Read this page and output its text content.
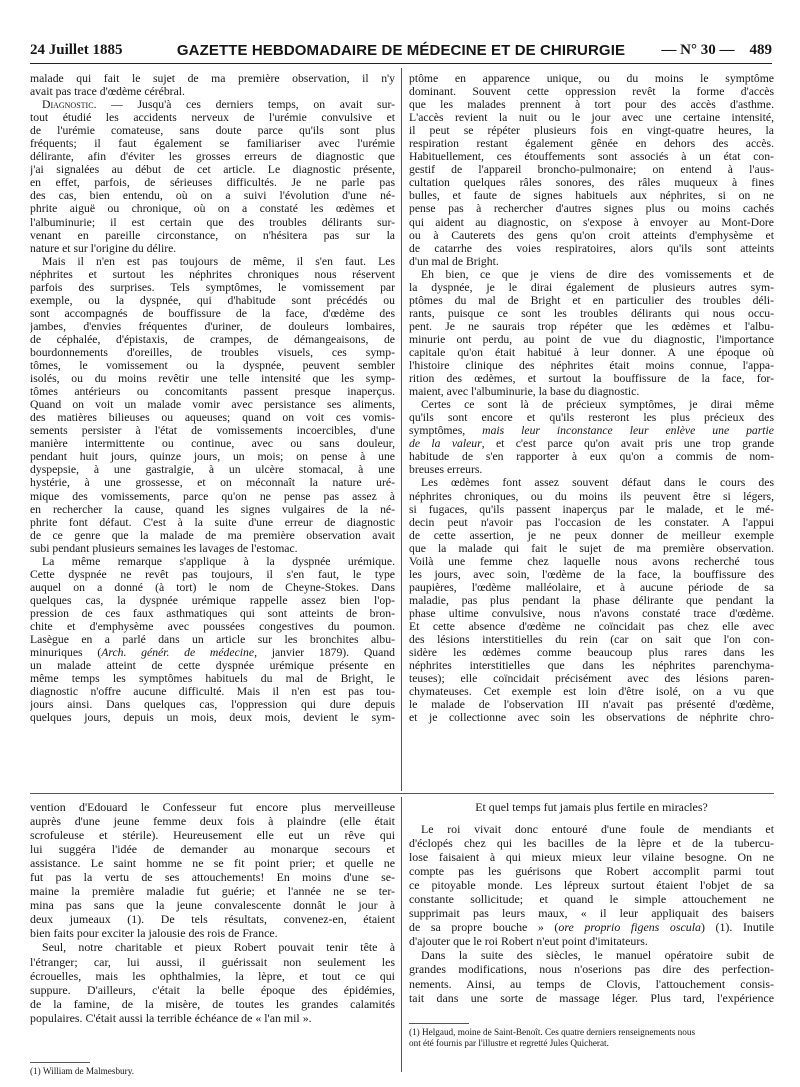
24 Juillet 1885	GAZETTE HEBDOMADAIRE DE MÉDECINE ET DE CHIRURGIE	— N° 30 — 489
malade qui fait le sujet de ma première observation, il n'y
avait pas trace d'œdème cérébral.
Diagnostic. — Jusqu'à ces derniers temps, on avait sur-
tout étudié les accidents nerveux de l'urémie convulsive et
de l'urémie comateuse, sans doute parce qu'ils sont plus
fréquents; il faut également se familiariser avec l'urémie
délirante, afin d'éviter les grosses erreurs de diagnostic que
j'ai signalées au début de cet article. Le diagnostic présente,
en effet, parfois, de sérieuses difficultés. Je ne parle pas
des cas, bien entendu, où on a suivi l'évolution d'une né-
phrite aiguë ou chronique, où on a constaté les œdèmes et
l'albuminurie; il est certain que des troubles délirants sur-
venant en pareille circonstance, on n'hésitera pas sur la
nature et sur l'origine du délire.
Mais il n'en est pas toujours de même, il s'en faut. Les
néphrites et surtout les néphrites chroniques nous réservent
parfois des surprises. Tels symptômes, le vomissement par
exemple, ou la dyspnée, qui d'habitude sont précédés ou
sont accompagnés de bouffissure de la face, d'œdème des
jambes, d'envies fréquentes d'uriner, de douleurs lombaires,
de céphalée, d'épistaxis, de crampes, de démangeaisons, de
bourdonnements d'oreilles, de troubles visuels, ces symp-
tômes, le vomissement ou la dyspnée, peuvent sembler
isolés, ou du moins revêtir une telle intensité que les symp-
tômes antérieurs ou concomitants passent presque inaperçus.
Quand on voit un malade vomir avec persistance ses aliments,
des matières bilieuses ou aqueuses; quand on voit ces vomis-
sements persister à l'état de vomissements incoercibles, d'une
manière intermittente ou continue, avec ou sans douleur,
pendant huit jours, quinze jours, un mois; on pense à une
dyspepsie, à une gastralgie, à un ulcère stomacal, à une
hystérie, à une grossesse, et on méconnaît la nature uré-
mique des vomissements, parce qu'on ne pense pas assez à
en rechercher la cause, quand les signes vulgaires de la né-
phrite font défaut. C'est à la suite d'une erreur de diagnostic
de ce genre que la malade de ma première observation avait
subi pendant plusieurs semaines les lavages de l'estomac.
La même remarque s'applique à la dyspnée urémique.
Cette dyspnée ne revêt pas toujours, il s'en faut, le type
auquel on a donné (à tort) le nom de Cheyne-Stokes. Dans
quelques cas, la dyspnée urémique rappelle assez bien l'op-
pression de ces faux asthmatiques qui sont atteints de bron-
chite et d'emphysème avec poussées congestives du poumon.
Lasègue en a parlé dans un article sur les bronchites albu-
minuriques (Arch. génér. de médecine, janvier 1879). Quand
un malade atteint de cette dyspnée urémique présente en
même temps les symptômes habituels du mal de Bright, le
diagnostic n'offre aucune difficulté. Mais il n'en est pas tou-
jours ainsi. Dans quelques cas, l'oppression qui dure depuis
quelques jours, depuis un mois, deux mois, devient le sym-
ptôme en apparence unique, ou du moins le symptôme
dominant. Souvent cette oppression revêt la forme d'accès
que les malades prennent à tort pour des accès d'asthme.
L'accès revient la nuit ou le jour avec une certaine intensité,
il peut se répéter plusieurs fois en vingt-quatre heures, la
respiration restant également gênée en dehors des accès.
Habituellement, ces étouffements sont associés à un état con-
gestif de l'appareil broncho-pulmonaire; on entend à l'aus-
cultation quelques râles sonores, des râles muqueux à fines
bulles, et faute de signes habituels aux néphrites, si on ne
pense pas à rechercher d'autres signes plus ou moins cachés
qui aident au diagnostic, on s'expose à envoyer au Mont-Dore
ou à Cauterets des gens qu'on croit atteints d'emphysème et
de catarrhe des voies respiratoires, alors qu'ils sont atteints
d'un mal de Bright.
Eh bien, ce que je viens de dire des vomissements et de
la dyspnée, je le dirai également de plusieurs autres sym-
ptômes du mal de Bright et en particulier des troubles déli-
rants, puisque ce sont les troubles délirants qui nous occu-
pent. Je ne saurais trop répéter que les œdèmes et l'albu-
minurie ont perdu, au point de vue du diagnostic, l'importance
capitale qu'on était habitué à leur donner. A une époque où
l'histoire clinique des néphrites était moins connue, l'appa-
rition des œdèmes, et surtout la bouffissure de la face, for-
maient, avec l'albuminurie, la base du diagnostic.
Certes ce sont là de précieux symptômes, je dirai même
qu'ils sont encore et qu'ils resteront les plus précieux des
symptômes, mais leur inconstance leur enlève une partie
de la valeur, et c'est parce qu'on avait pris une trop grande
habitude de s'en rapporter à eux qu'on a commis de nom-
breuses erreurs.
Les œdèmes font assez souvent défaut dans le cours des
néphrites chroniques, ou du moins ils peuvent être si légers,
si fugaces, qu'ils passent inaperçus par le malade, et le mé-
decin peut n'avoir pas l'occasion de les constater. A l'appui
de cette assertion, je ne peux donner de meilleur exemple
que la malade qui fait le sujet de ma première observation.
Voilà une femme chez laquelle nous avons recherché tous
les jours, avec soin, l'œdème de la face, la bouffissure des
paupières, l'œdème malléolaire, et à aucune période de sa
maladie, pas plus pendant la phase délirante que pendant la
phase ultime convulsive, nous n'avons constaté trace d'œdème.
Et cette absence d'œdème ne coïncidait pas chez elle avec
des lésions interstitielles du rein (car on sait que l'on con-
sidère les œdèmes comme beaucoup plus rares dans les
néphrites interstitielles que dans les néphrites parenchyma-
teuses); elle coïncidait précisément avec des lésions paren-
chymateuses. Cet exemple est loin d'être isolé, on a vu que
le malade de l'observation III n'avait pas présenté d'œdème,
et je collectionne avec soin les observations de néphrite chro-
vention d'Edouard le Confesseur fut encore plus merveilleuse
auprès d'une jeune femme deux fois à plaindre (elle était
scrofuleuse et stérile). Heureusement elle eut un rêve qui
lui suggéra l'idée de demander au monarque secours et
assistance. Le saint homme ne se fit point prier; et quelle ne
fut pas la vertu de ses attouchements! En moins d'une se-
maine la première maladie fut guérie; et l'année ne se ter-
mina pas sans que la jeune convalescente donnât le jour à
deux jumeaux (1). De tels résultats, convenez-en, étaient
bien faits pour exciter la jalousie des rois de France.
Seul, notre charitable et pieux Robert pouvait tenir tête à
l'étranger; car, lui aussi, il guérissait non seulement les
écrouelles, mais les ophthalmies, la lèpre, et tout ce qui
suppure. D'ailleurs, c'était la belle époque des épidémies,
de la famine, de la misère, de toutes les grandes calamités
populaires. C'était aussi la terrible échéance de « l'an mil ».
(1) William de Malmesbury.
Et quel temps fut jamais plus fertile en miracles?
Le roi vivait donc entouré d'une foule de mendiants et
d'éclopés chez qui les bacilles de la lèpre et de la tubercu-
lose faisaient à qui mieux mieux leur vilaine besogne. On ne
compte pas les guérisons que Robert accomplit parmi tout
ce pitoyable monde. Les lépreux surtout étaient l'objet de sa
constante sollicitude; et quand le simple attouchement ne
supprimait pas leurs maux, « il leur appliquait des baisers
de sa propre bouche » (ore proprio figens oscula) (1). Inutile
d'ajouter que le roi Robert n'eut point d'imitateurs.
Dans la suite des siècles, le manuel opératoire subit de
grandes modifications, nous n'oserions pas dire des perfection-
nements. Ainsi, au temps de Clovis, l'attouchement consis-
tait dans une sorte de massage léger. Plus tard, l'expérience
(1) Helgaud, moine de Saint-Benoît. Ces quatre derniers renseignements nous
ont été fournis par l'illustre et regretté Jules Quicherat.
